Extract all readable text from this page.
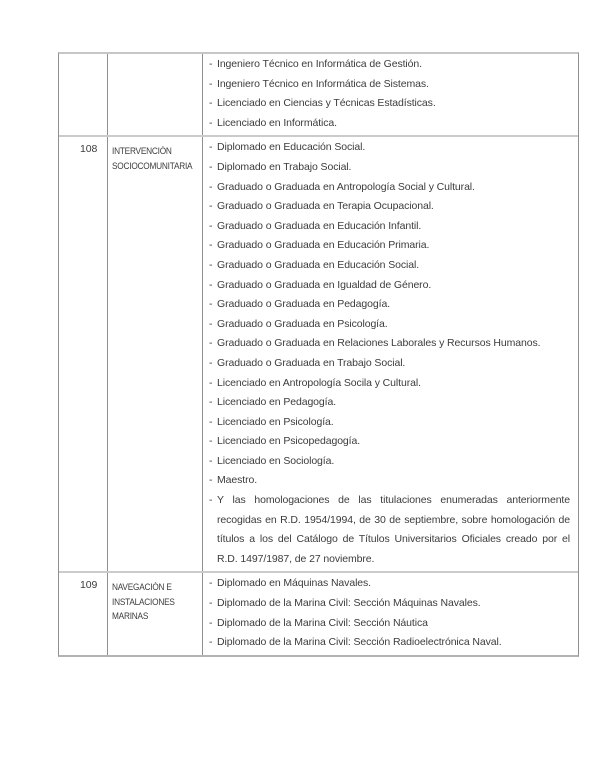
- Ingeniero Técnico en Informática de Gestión.
- Ingeniero Técnico en Informática de Sistemas.
- Licenciado en Ciencias y Técnicas Estadísticas.
- Licenciado en Informática.
108	INTERVENCIÓN SOCIOCOMUNITARIA
- Diplomado en Educación Social.
- Diplomado en Trabajo Social.
- Graduado o Graduada en Antropología Social y Cultural.
- Graduado o Graduada en Terapia Ocupacional.
- Graduado o Graduada en Educación Infantil.
- Graduado o Graduada en Educación Primaria.
- Graduado o Graduada en Educación Social.
- Graduado o Graduada en Igualdad de Género.
- Graduado o Graduada en Pedagogía.
- Graduado o Graduada en Psicología.
- Graduado o Graduada en Relaciones Laborales y Recursos Humanos.
- Graduado o Graduada en Trabajo Social.
- Licenciado en Antropología Socila y Cultural.
- Licenciado en Pedagogía.
- Licenciado en Psicología.
- Licenciado en Psicopedagogía.
- Licenciado en Sociología.
- Maestro.
- Y las homologaciones de las titulaciones enumeradas anteriormente recogidas en R.D. 1954/1994, de 30 de septiembre, sobre homologación de títulos a los del Catálogo de Títulos Universitarios Oficiales creado por el R.D. 1497/1987, de 27 noviembre.
109	NAVEGACIÓN E INSTALACIONES MARINAS
- Diplomado en Máquinas Navales.
- Diplomado de la Marina Civil: Sección Máquinas Navales.
- Diplomado de la Marina Civil: Sección Náutica
- Diplomado de la Marina Civil: Sección Radioelectrónica Naval.
